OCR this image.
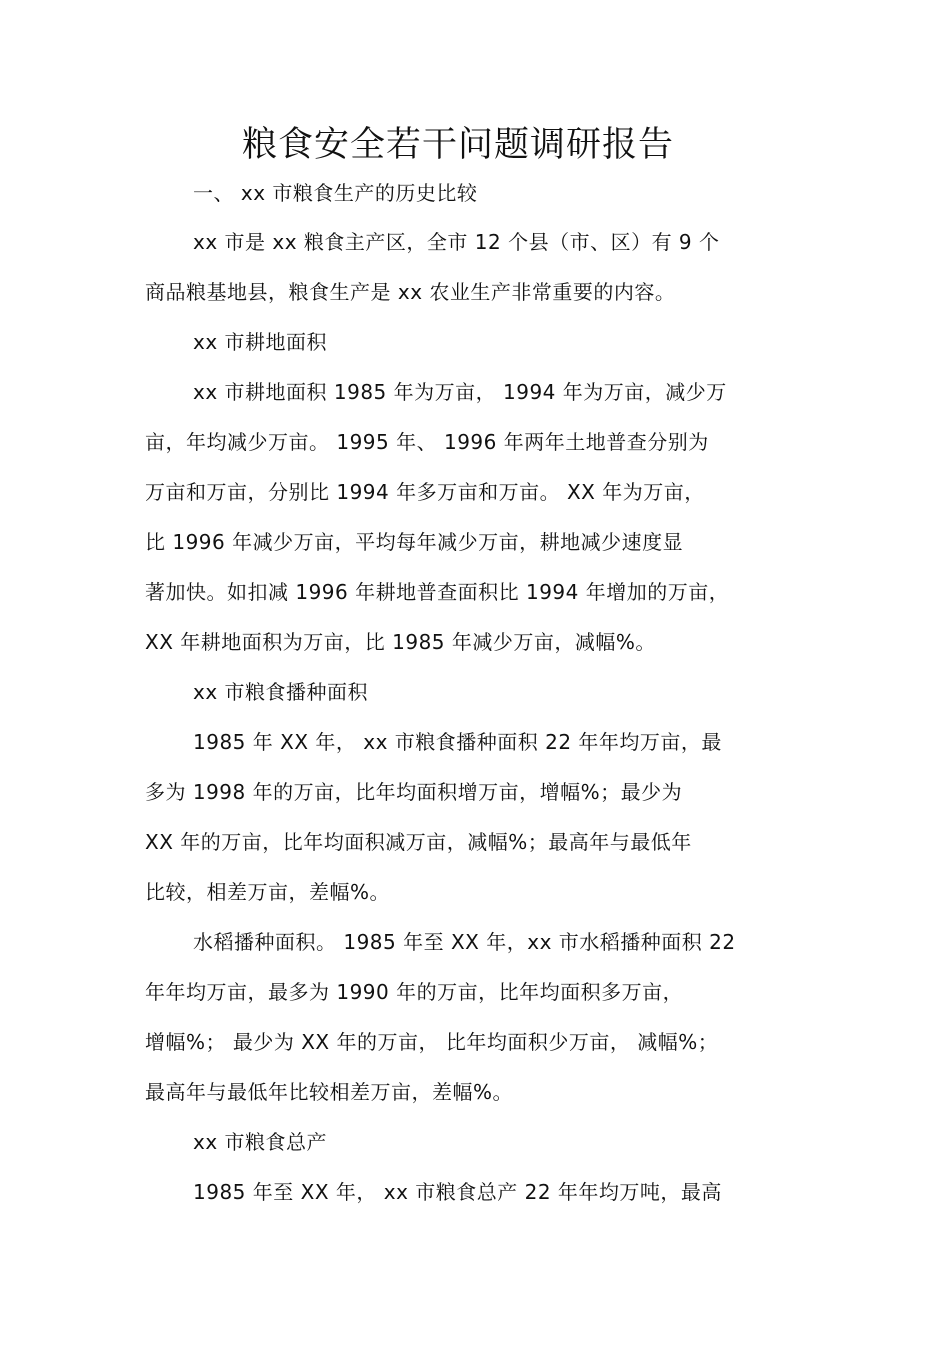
粮食安全若干问题调研报告
一、 xx 市粮食生产的历史比较
xx 市是 xx 粮食主产区，全市 12 个县（市、区）有 9 个
商品粮基地县，粮食生产是 xx 农业生产非常重要的内容。
xx 市耕地面积
xx 市耕地面积 1985 年为万亩， 1994 年为万亩，减少万
亩，年均减少万亩。 1995 年、 1996 年两年土地普查分别为
万亩和万亩，分别比 1994 年多万亩和万亩。 XX 年为万亩，
比 1996 年减少万亩，平均每年减少万亩，耕地减少速度显
著加快。如扣减 1996 年耕地普查面积比 1994 年增加的万亩，
XX 年耕地面积为万亩，比 1985 年减少万亩，减幅%。
xx 市粮食播种面积
1985 年 XX 年， xx 市粮食播种面积 22 年年均万亩，最
多为 1998 年的万亩，比年均面积增万亩，增幅%；最少为
XX 年的万亩，比年均面积减万亩，减幅%；最高年与最低年
比较，相差万亩，差幅%。
水稻播种面积。 1985 年至 XX 年，xx 市水稻播种面积 22
年年均万亩，最多为 1990 年的万亩，比年均面积多万亩，
增幅%； 最少为 XX 年的万亩， 比年均面积少万亩， 减幅%；
最高年与最低年比较相差万亩，差幅%。
xx 市粮食总产
1985 年至 XX 年， xx 市粮食总产 22 年年均万吨，最高
